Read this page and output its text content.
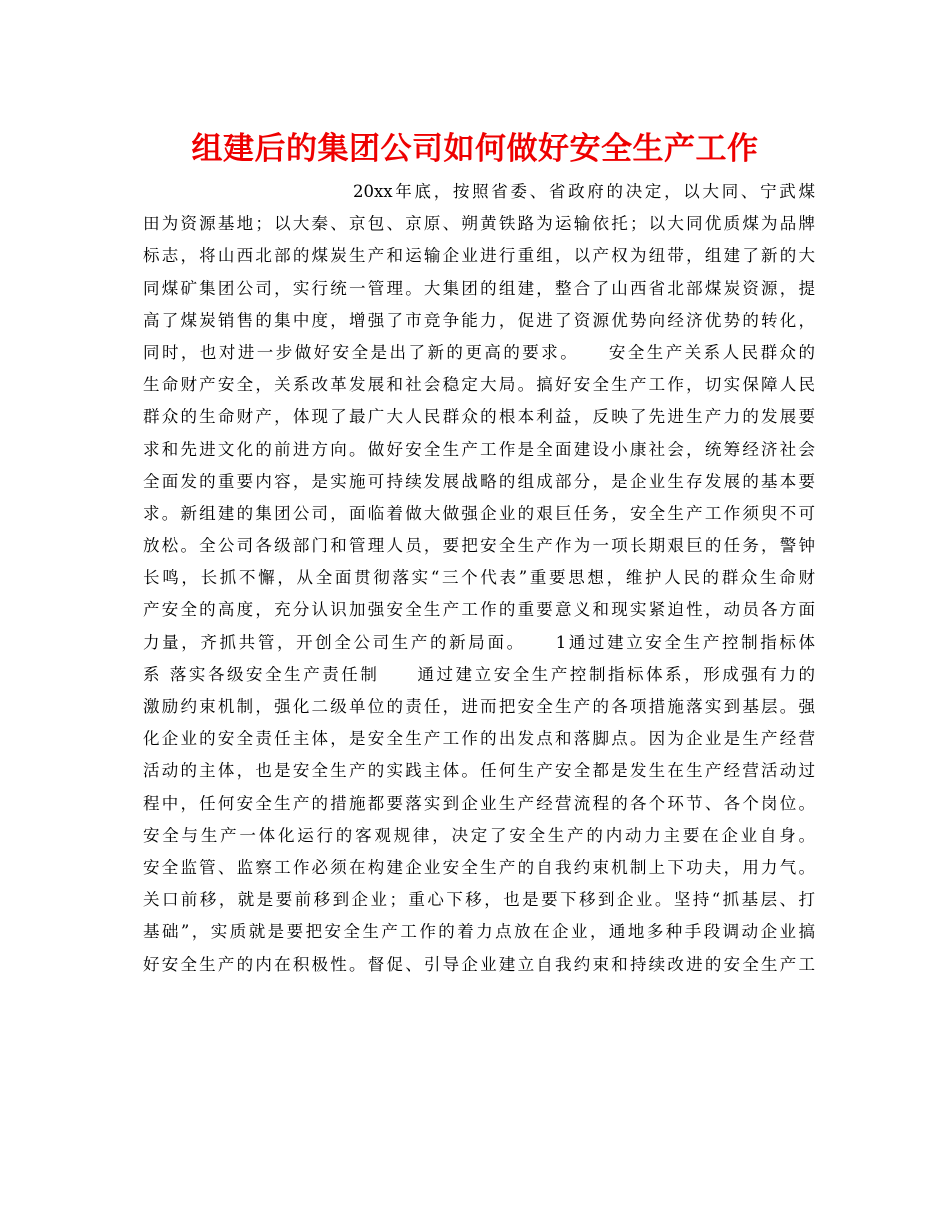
组建后的集团公司如何做好安全生产工作
20xx年底，按照省委、省政府的决定，以大同、宁武煤
田为资源基地；以大秦、京包、京原、朔黄铁路为运输依托；以大同优质煤为品牌
标志，将山西北部的煤炭生产和运输企业进行重组，以产权为纽带，组建了新的大
同煤矿集团公司，实行统一管理。大集团的组建，整合了山西省北部煤炭资源，提
高了煤炭销售的集中度，增强了市竞争能力，促进了资源优势向经济优势的转化，
同时，也对进一步做好安全是出了新的更高的要求。　　安全生产关系人民群众的
生命财产安全，关系改革发展和社会稳定大局。搞好安全生产工作，切实保障人民
群众的生命财产，体现了最广大人民群众的根本利益，反映了先进生产力的发展要
求和先进文化的前进方向。做好安全生产工作是全面建设小康社会，统筹经济社会
全面发的重要内容，是实施可持续发展战略的组成部分，是企业生存发展的基本要
求。新组建的集团公司，面临着做大做强企业的艰巨任务，安全生产工作须臾不可
放松。全公司各级部门和管理人员，要把安全生产作为一项长期艰巨的任务，警钟
长鸣，长抓不懈，从全面贯彻落实“三个代表”重要思想，维护人民的群众生命财
产安全的高度，充分认识加强安全生产工作的重要意义和现实紧迫性，动员各方面
力量，齐抓共管，开创全公司生产的新局面。　　1通过建立安全生产控制指标体
系 落实各级安全生产责任制　　通过建立安全生产控制指标体系，形成强有力的
激励约束机制，强化二级单位的责任，进而把安全生产的各项措施落实到基层。强
化企业的安全责任主体，是安全生产工作的出发点和落脚点。因为企业是生产经营
活动的主体，也是安全生产的实践主体。任何生产安全都是发生在生产经营活动过
程中，任何安全生产的措施都要落实到企业生产经营流程的各个环节、各个岗位。
安全与生产一体化运行的客观规律，决定了安全生产的内动力主要在企业自身。
安全监管、监察工作必须在构建企业安全生产的自我约束机制上下功夫，用力气。
关口前移，就是要前移到企业；重心下移，也是要下移到企业。坚持“抓基层、打
基础”，实质就是要把安全生产工作的着力点放在企业，通地多种手段调动企业搞
好安全生产的内在积极性。督促、引导企业建立自我约束和持续改进的安全生产工
